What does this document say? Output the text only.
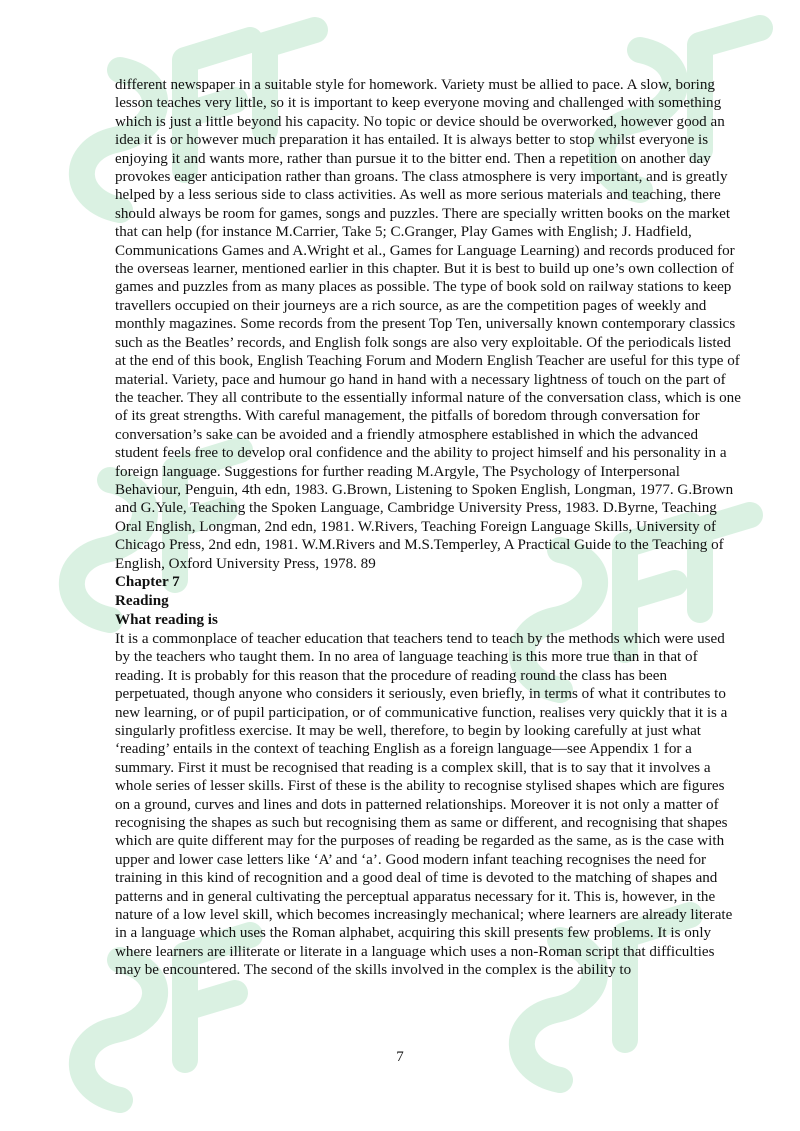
different newspaper in a suitable style for homework. Variety must be allied to pace. A slow, boring lesson teaches very little, so it is important to keep everyone moving and challenged with something which is just a little beyond his capacity. No topic or device should be overworked, however good an idea it is or however much preparation it has entailed. It is always better to stop whilst everyone is enjoying it and wants more, rather than pursue it to the bitter end. Then a repetition on another day provokes eager anticipation rather than groans. The class atmosphere is very important, and is greatly helped by a less serious side to class activities. As well as more serious materials and teaching, there should always be room for games, songs and puzzles. There are specially written books on the market that can help (for instance M.Carrier, Take 5; C.Granger, Play Games with English; J. Hadfield, Communications Games and A.Wright et al., Games for Language Learning) and records produced for the overseas learner, mentioned earlier in this chapter. But it is best to build up one’s own collection of games and puzzles from as many places as possible. The type of book sold on railway stations to keep travellers occupied on their journeys are a rich source, as are the competition pages of weekly and monthly magazines. Some records from the present Top Ten, universally known contemporary classics such as the Beatles’ records, and English folk songs are also very exploitable. Of the periodicals listed at the end of this book, English Teaching Forum and Modern English Teacher are useful for this type of material. Variety, pace and humour go hand in hand with a necessary lightness of touch on the part of the teacher. They all contribute to the essentially informal nature of the conversation class, which is one of its great strengths. With careful management, the pitfalls of boredom through conversation for conversation’s sake can be avoided and a friendly atmosphere established in which the advanced student feels free to develop oral confidence and the ability to project himself and his personality in a foreign language. Suggestions for further reading M.Argyle, The Psychology of Interpersonal Behaviour, Penguin, 4th edn, 1983. G.Brown, Listening to Spoken English, Longman, 1977. G.Brown and G.Yule, Teaching the Spoken Language, Cambridge University Press, 1983. D.Byrne, Teaching Oral English, Longman, 2nd edn, 1981. W.Rivers, Teaching Foreign Language Skills, University of Chicago Press, 2nd edn, 1981. W.M.Rivers and M.S.Temperley, A Practical Guide to the Teaching of English, Oxford University Press, 1978. 89

Chapter 7

Reading

What reading is

It is a commonplace of teacher education that teachers tend to teach by the methods which were used by the teachers who taught them. In no area of language teaching is this more true than in that of reading. It is probably for this reason that the procedure of reading round the class has been perpetuated, though anyone who considers it seriously, even briefly, in terms of what it contributes to new learning, or of pupil participation, or of communicative function, realises very quickly that it is a singularly profitless exercise. It may be well, therefore, to begin by looking carefully at just what ‘reading’ entails in the context of teaching English as a foreign language—see Appendix 1 for a summary. First it must be recognised that reading is a complex skill, that is to say that it involves a whole series of lesser skills. First of these is the ability to recognise stylised shapes which are figures on a ground, curves and lines and dots in patterned relationships. Moreover it is not only a matter of recognising the shapes as such but recognising them as same or different, and recognising that shapes which are quite different may for the purposes of reading be regarded as the same, as is the case with upper and lower case letters like ‘A’ and ‘a’. Good modern infant teaching recognises the need for training in this kind of recognition and a good deal of time is devoted to the matching of shapes and patterns and in general cultivating the perceptual apparatus necessary for it. This is, however, in the nature of a low level skill, which becomes increasingly mechanical; where learners are already literate in a language which uses the Roman alphabet, acquiring this skill presents few problems. It is only where learners are illiterate or literate in a language which uses a non-Roman script that difficulties may be encountered. The second of the skills involved in the complex is the ability to

7
